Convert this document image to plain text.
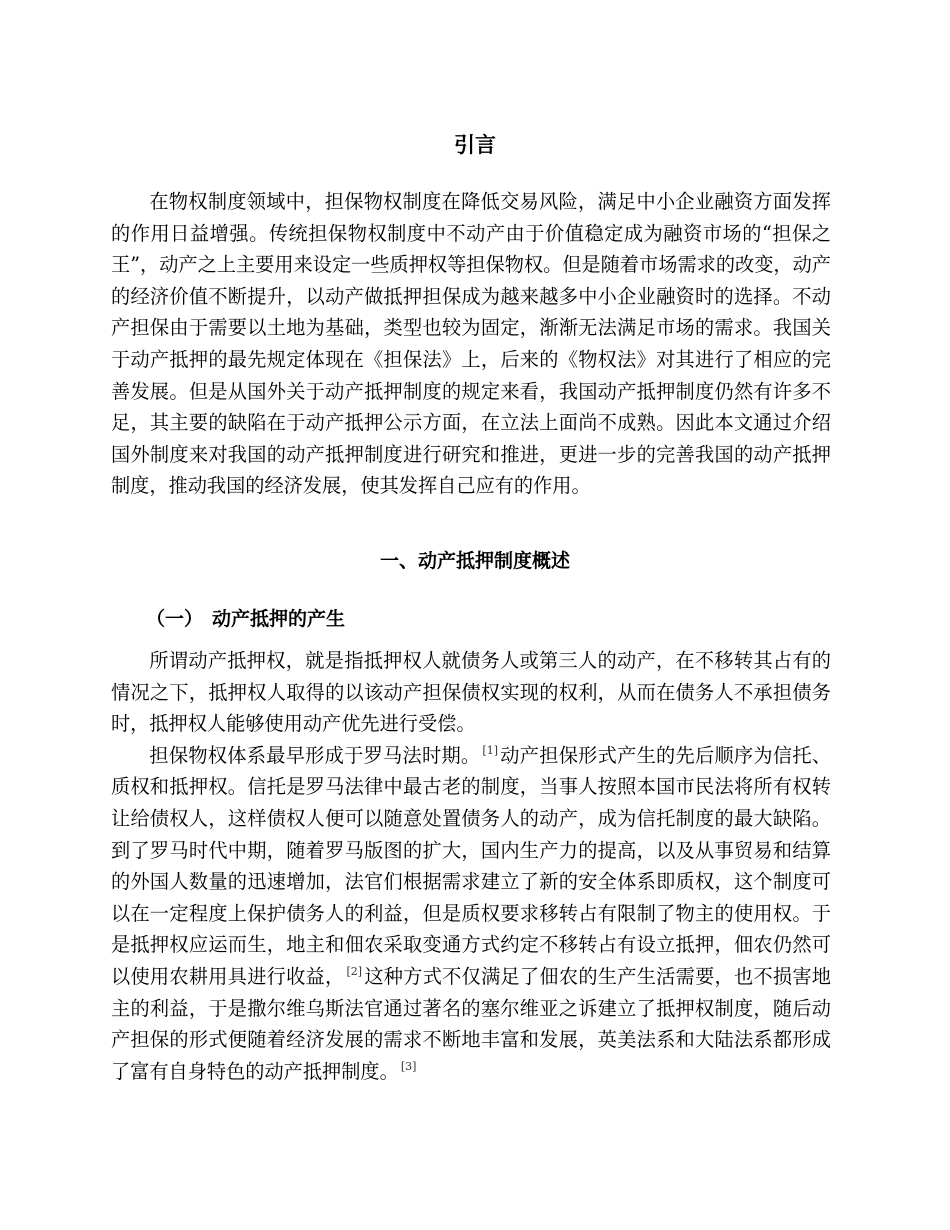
引言

在物权制度领域中，担保物权制度在降低交易风险，满足中小企业融资方面发挥的作用日益增强。传统担保物权制度中不动产由于价值稳定成为融资市场的“担保之王”，动产之上主要用来设定一些质押权等担保物权。但是随着市场需求的改变，动产的经济价值不断提升，以动产做抵押担保成为越来越多中小企业融资时的选择。不动产担保由于需要以土地为基础，类型也较为固定，渐渐无法满足市场的需求。我国关于动产抵押的最先规定体现在《担保法》上，后来的《物权法》对其进行了相应的完善发展。但是从国外关于动产抵押制度的规定来看，我国动产抵押制度仍然有许多不足，其主要的缺陷在于动产抵押公示方面，在立法上面尚不成熟。因此本文通过介绍国外制度来对我国的动产抵押制度进行研究和推进，更进一步的完善我国的动产抵押制度，推动我国的经济发展，使其发挥自己应有的作用。

一、动产抵押制度概述
（一） 动产抵押的产生

所谓动产抵押权，就是指抵押权人就债务人或第三人的动产，在不移转其占有的情况之下，抵押权人取得的以该动产担保债权实现的权利，从而在债务人不承担债务时，抵押权人能够使用动产优先进行受偿。

担保物权体系最早形成于罗马法时期。 [1] 动产担保形式产生的先后顺序为信托、质权和抵押权。信托是罗马法律中最古老的制度，当事人按照本国市民法将所有权转让给债权人，这样债权人便可以随意处置债务人的动产，成为信托制度的最大缺陷。到了罗马时代中期，随着罗马版图的扩大，国内生产力的提高，以及从事贸易和结算的外国人数量的迅速增加，法官们根据需求建立了新的安全体系即质权，这个制度可以在一定程度上保护债务人的利益，但是质权要求移转占有限制了物主的使用权。于是抵押权应运而生，地主和佃农采取变通方式约定不移转占有设立抵押，佃农仍然可以使用农耕用具进行收益， [2] 这种方式不仅满足了佃农的生产生活需要，也不损害地主的利益，于是撒尔维乌斯法官通过著名的塞尔维亚之诉建立了抵押权制度，随后动产担保的形式便随着经济发展的需求不断地丰富和发展，英美法系和大陆法系都形成了富有自身特色的动产抵押制度。 [3]
